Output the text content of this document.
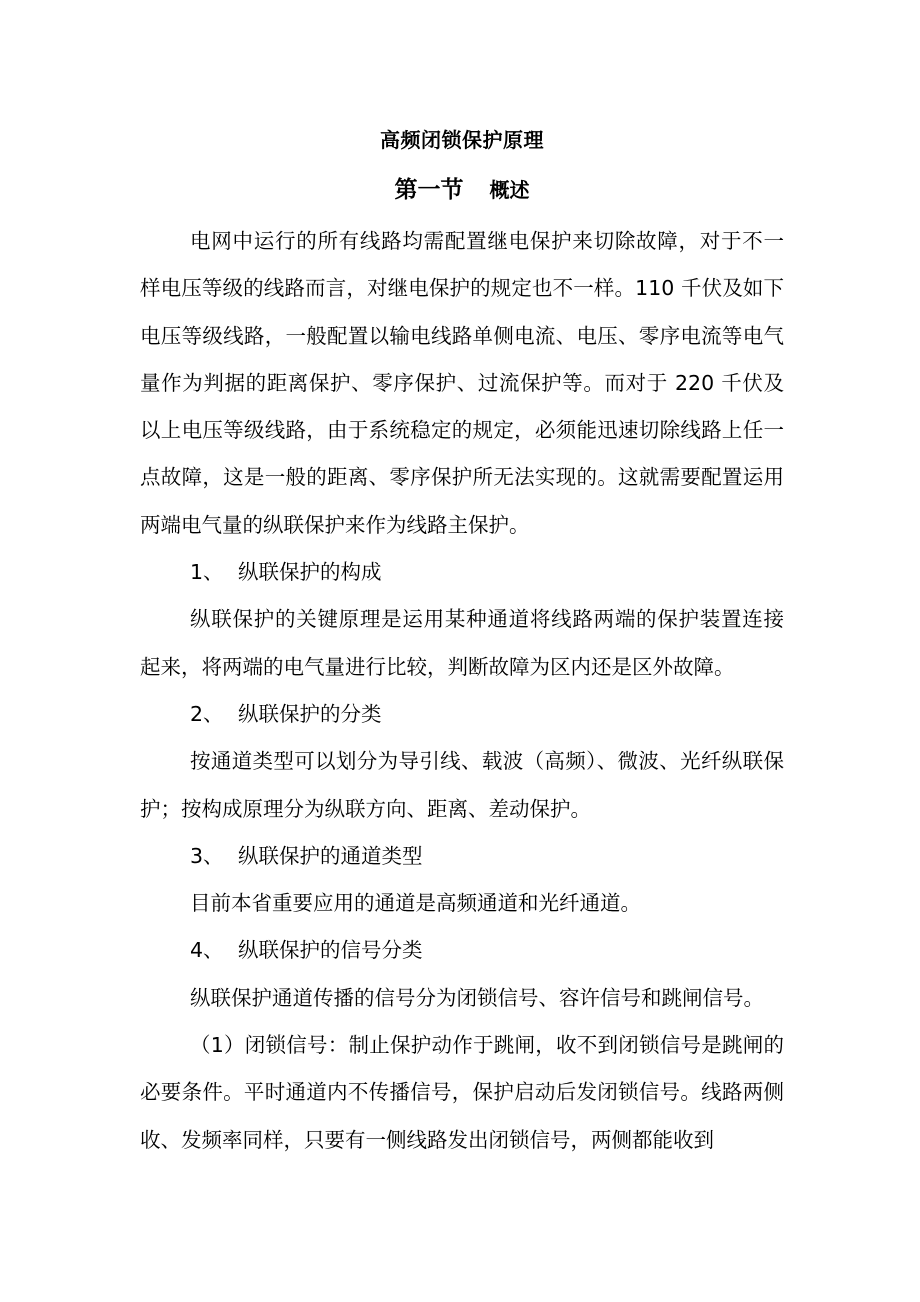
高频闭锁保护原理
第一节 概述

电网中运行的所有线路均需配置继电保护来切除故障，对于不一样电压等级的线路而言，对继电保护的规定也不一样。110 千伏及如下电压等级线路，一般配置以输电线路单侧电流、电压、零序电流等电气量作为判据的距离保护、零序保护、过流保护等。而对于 220 千伏及以上电压等级线路，由于系统稳定的规定，必须能迅速切除线路上任一点故障，这是一般的距离、零序保护所无法实现的。这就需要配置运用两端电气量的纵联保护来作为线路主保护。

1、 纵联保护的构成

纵联保护的关键原理是运用某种通道将线路两端的保护装置连接起来，将两端的电气量进行比较，判断故障为区内还是区外故障。

2、 纵联保护的分类

按通道类型可以划分为导引线、载波（高频）、微波、光纤纵联保护；按构成原理分为纵联方向、距离、差动保护。

3、 纵联保护的通道类型

目前本省重要应用的通道是高频通道和光纤通道。

4、 纵联保护的信号分类

纵联保护通道传播的信号分为闭锁信号、容许信号和跳闸信号。

（1）闭锁信号：制止保护动作于跳闸，收不到闭锁信号是跳闸的必要条件。平时通道内不传播信号，保护启动后发闭锁信号。线路两侧收、发频率同样，只要有一侧线路发出闭锁信号，两侧都能收到
